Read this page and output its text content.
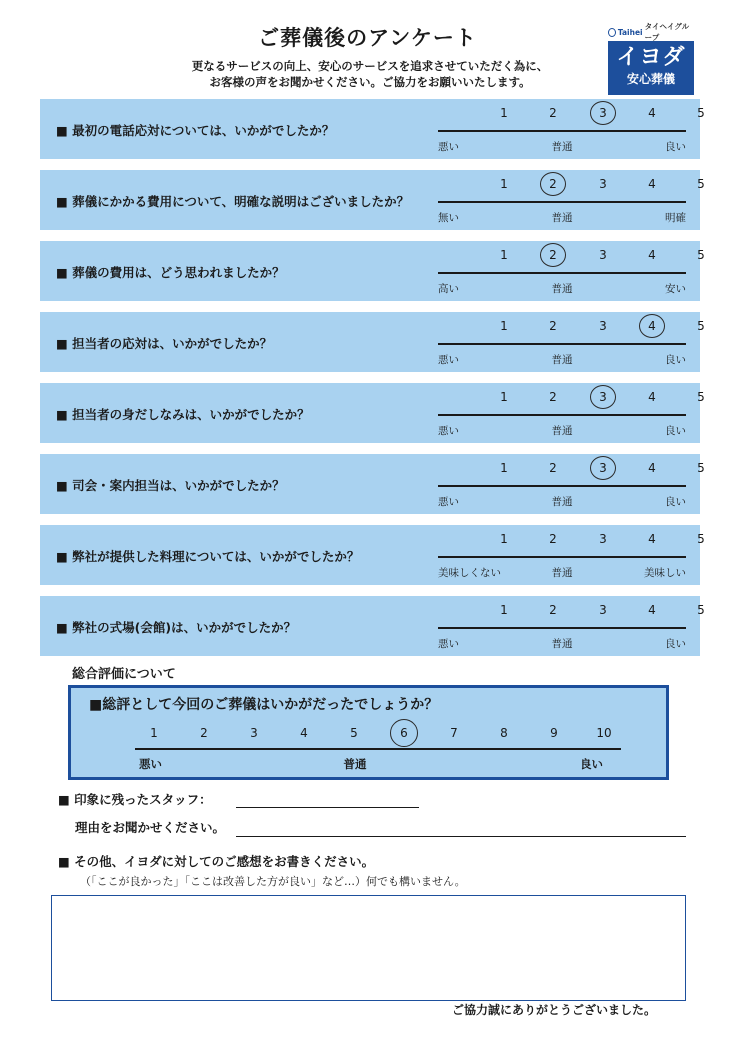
ご葬儀後のアンケート
更なるサービスの向上、安心のサービスを追求させていただく為に、
お客様の声をお聞かせください。ご協力をお願いいたします。
Taihei
タイヘイグループ
イヨダ
安心葬儀
■ 最初の電話応対については、いかがでしたか？
1	2	3	4	5
悪い	普通	良い
■ 葬儀にかかる費用について、明確な説明はございましたか？
1	2	3	4	5
無い	普通	明確
■ 葬儀の費用は、どう思われましたか？
1	2	3	4	5
高い	普通	安い
■ 担当者の応対は、いかがでしたか？
1	2	3	4	5
悪い	普通	良い
■ 担当者の身だしなみは、いかがでしたか？
1	2	3	4	5
悪い	普通	良い
■ 司会・案内担当は、いかがでしたか？
1	2	3	4	5
悪い	普通	良い
■ 弊社が提供した料理については、いかがでしたか？
1	2	3	4	5
美味しくない	普通	美味しい
■ 弊社の式場(会館)は、いかがでしたか？
1	2	3	4	5
悪い	普通	良い
総合評価について
■総評として今回のご葬儀はいかがだったでしょうか？
1	2	3	4	5	6	7	8	9	10
悪い	普通	良い
■ 印象に残ったスタッフ：
理由をお聞かせください。
■ その他、イヨダに対してのご感想をお書きください。
（「ここが良かった」「ここは改善した方が良い」など…）何でも構いません。
ご協力誠にありがとうございました。
